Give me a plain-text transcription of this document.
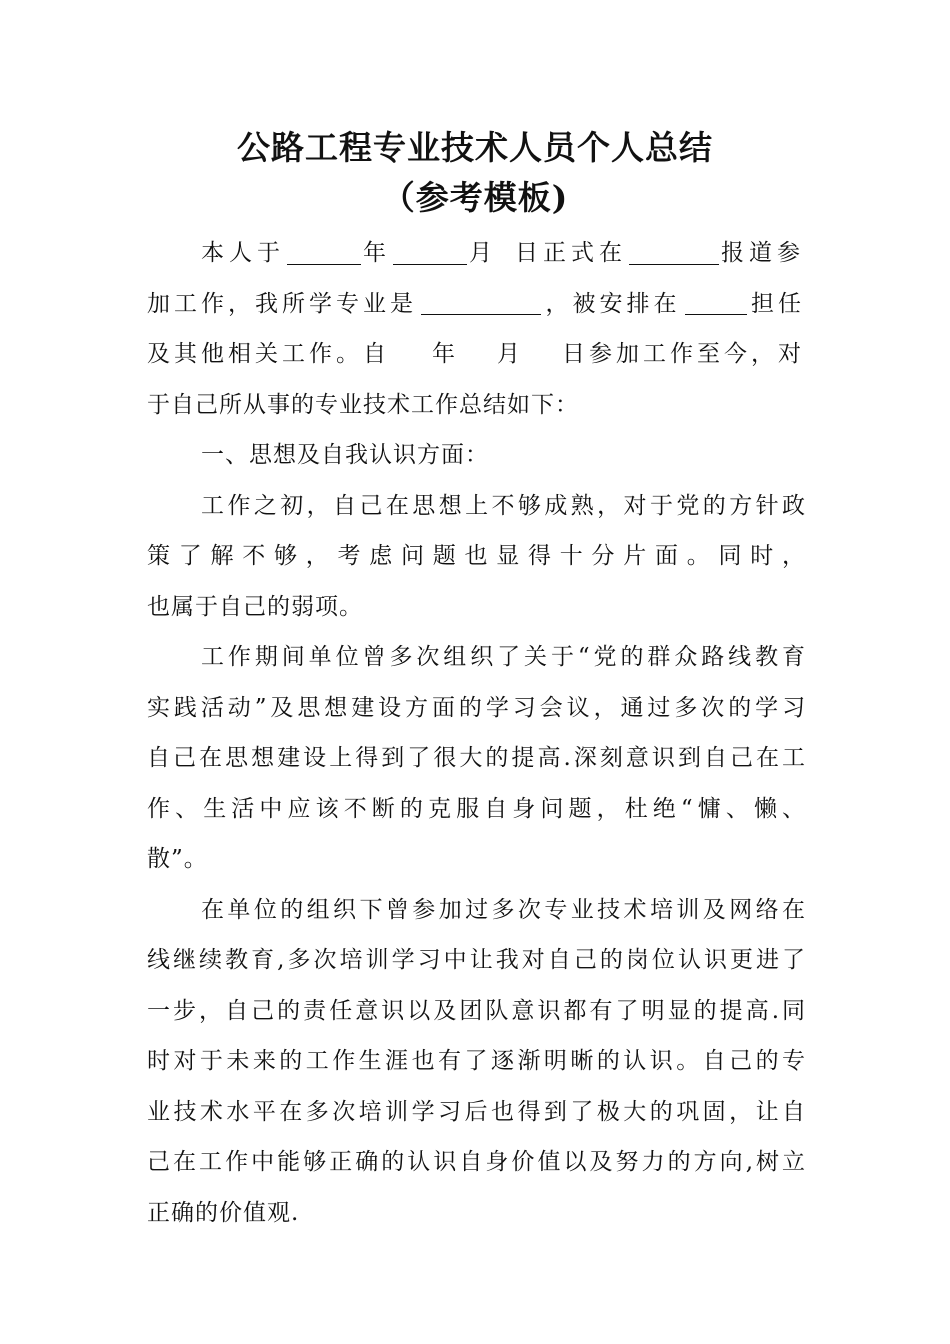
公路工程专业技术人员个人总结
（参考模板)
本人于	年	月 日正式在	报道参
加工作，我所学专业是	，被安排在	担任
及其他相关工作。自 年 月 日参加工作至今，对
于自己所从事的专业技术工作总结如下：
一、思想及自我认识方面：
工作之初，自己在思想上不够成熟，对于党的方针政
策了解不够，考虑问题也显得十分片面。同时，
也属于自己的弱项。
工作期间单位曾多次组织了关于“党的群众路线教育
实践活动”及思想建设方面的学习会议，通过多次的学习
自己在思想建设上得到了很大的提高.深刻意识到自己在工
作、生活中应该不断的克服自身问题，杜绝“慵、懒、
散”。
在单位的组织下曾参加过多次专业技术培训及网络在
线继续教育,多次培训学习中让我对自己的岗位认识更进了
一步，自己的责任意识以及团队意识都有了明显的提高.同
时对于未来的工作生涯也有了逐渐明晰的认识。自己的专
业技术水平在多次培训学习后也得到了极大的巩固，让自
己在工作中能够正确的认识自身价值以及努力的方向,树立
正确的价值观.
